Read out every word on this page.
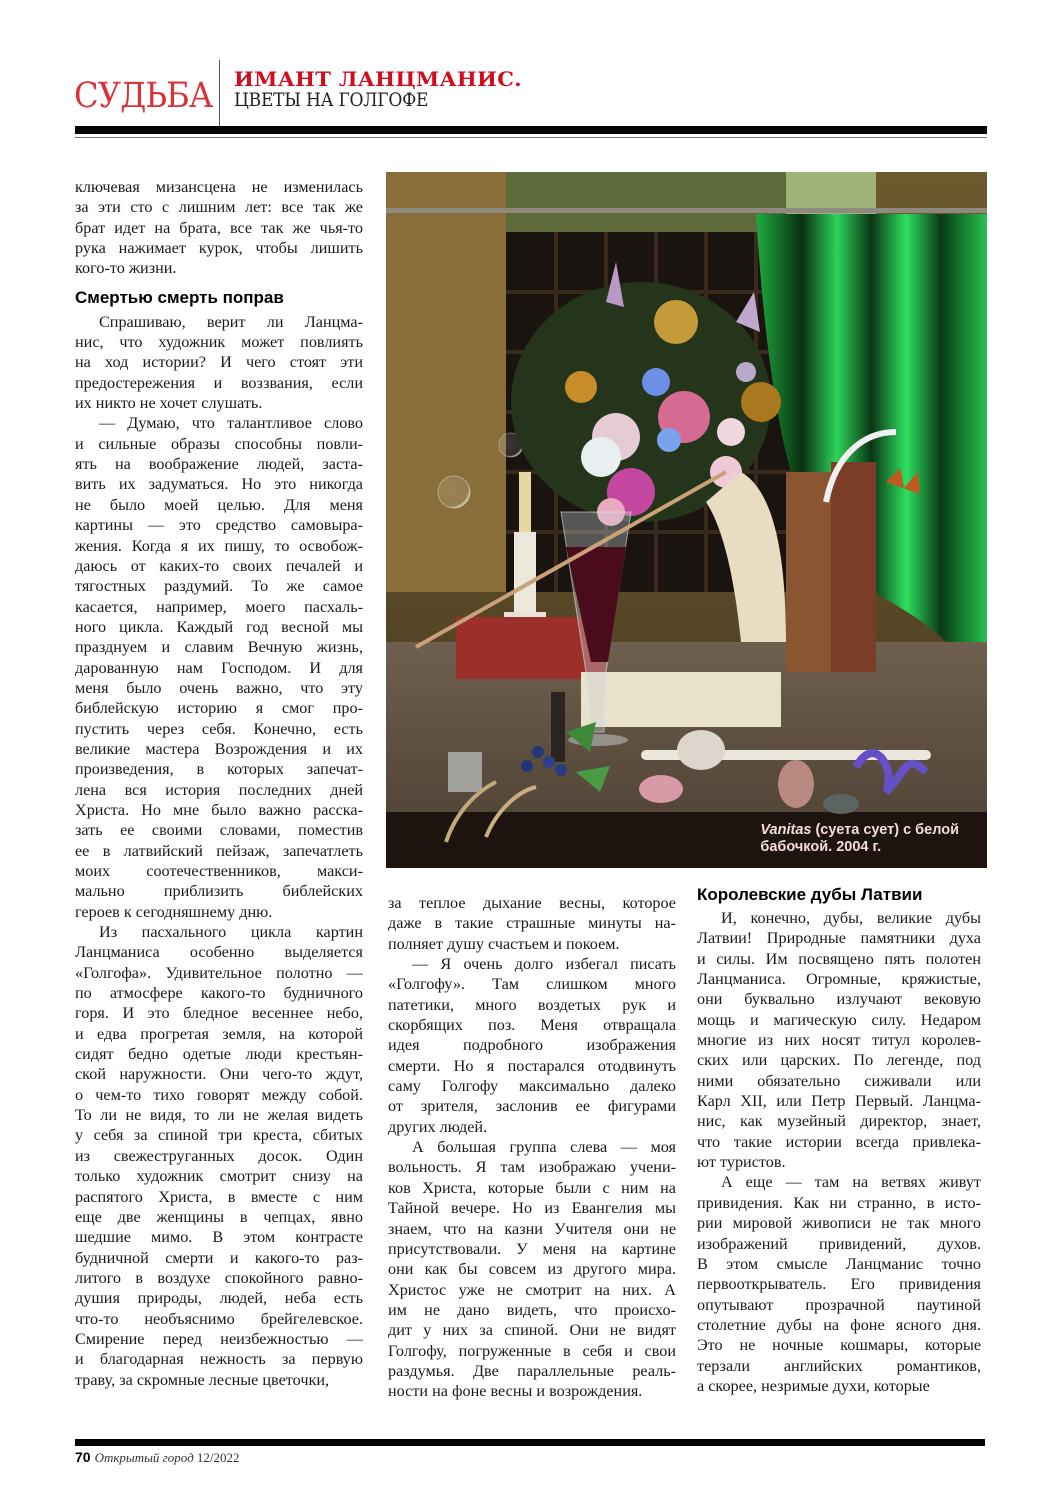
СУДЬБА ИМАНТ ЛАНЦМАНИС.
ЦВЕТЫ НА ГОЛГОФЕ

ключевая мизансцена не изменилась
за эти сто с лишним лет: все так же
брат идет на брата, все так же чья-то
рука нажимает курок, чтобы лишить
кого-то жизни.

Смертью смерть поправ

Спрашиваю, верит ли Ланцма-
нис, что художник может повлиять
на ход истории? И чего стоят эти
предостережения и воззвания, если
их никто не хочет слушать.

— Думаю, что талантливое слово
и сильные образы способны повли-
ять на воображение людей, заста-
вить их задуматься. Но это никогда
не было моей целью. Для меня
картины — это средство самовыра-
жения. Когда я их пишу, то освобож-
даюсь от каких-то своих печалей и
тягостных раздумий. То же самое
касается, например, моего пасхаль-
ного цикла. Каждый год весной мы
празднуем и славим Вечную жизнь,
дарованную нам Господом. И для
меня было очень важно, что эту
библейскую историю я смог про-
пустить через себя. Конечно, есть
великие мастера Возрождения и их
произведения, в которых запечат-
лена вся история последних дней
Христа. Но мне было важно расска-
зать ее своими словами, поместив
ее в латвийский пейзаж, запечатлеть
моих соотечественников, макси-
мально приблизить библейских
героев к сегодняшнему дню.

Из пасхального цикла картин
Ланцманиса особенно выделяется
«Голгофа». Удивительное полотно —
по атмосфере какого-то будничного
горя. И это бледное весеннее небо,
и едва прогретая земля, на которой
сидят бедно одетые люди крестьян-
ской наружности. Они чего-то ждут,
о чем-то тихо говорят между собой.
То ли не видя, то ли не желая видеть
у себя за спиной три креста, сбитых
из свежеструганных досок. Один
только художник смотрит снизу на
распятого Христа, в вместе с ним
еще две женщины в чепцах, явно
шедшие мимо. В этом контрасте
будничной смерти и какого-то раз-
литого в воздухе спокойного равно-
душия природы, людей, неба есть
что-то необъяснимо брейгелевское.
Смирение перед неизбежностью —
и благодарная нежность за первую
траву, за скромные лесные цветочки,

Vanitas (суета сует) с белой
бабочкой. 2004 г.

за теплое дыхание весны, которое
даже в такие страшные минуты на-
полняет душу счастьем и покоем.

— Я очень долго избегал писать
«Голгофу». Там слишком много
патетики, много воздетых рук и
скорбящих поз. Меня отвращала
идея подробного изображения
смерти. Но я постарался отодвинуть
саму Голгофу максимально далеко
от зрителя, заслонив ее фигурами
других людей.

А большая группа слева — моя
вольность. Я там изображаю учени-
ков Христа, которые были с ним на
Тайной вечере. Но из Евангелия мы
знаем, что на казни Учителя они не
присутствовали. У меня на картине
они как бы совсем из другого мира.
Христос уже не смотрит на них. А
им не дано видеть, что происхо-
дит у них за спиной. Они не видят
Голгофу, погруженные в себя и свои
раздумья. Две параллельные реаль-
ности на фоне весны и возрождения.

Королевские дубы Латвии

И, конечно, дубы, великие дубы
Латвии! Природные памятники духа
и силы. Им посвящено пять полотен
Ланцманиса. Огромные, кряжистые,
они буквально излучают вековую
мощь и магическую силу. Недаром
многие из них носят титул королев-
ских или царских. По легенде, под
ними обязательно сиживали или
Карл XII, или Петр Первый. Ланцма-
нис, как музейный директор, знает,
что такие истории всегда привлека-
ют туристов.

А еще — там на ветвях живут
привидения. Как ни странно, в исто-
рии мировой живописи не так много
изображений привидений, духов.
В этом смысле Ланцманис точно
первооткрыватель. Его привидения
опутывают прозрачной паутиной
столетние дубы на фоне ясного дня.
Это не ночные кошмары, которые
терзали английских романтиков,
а скорее, незримые духи, которые

70 Открытый город 12/2022
